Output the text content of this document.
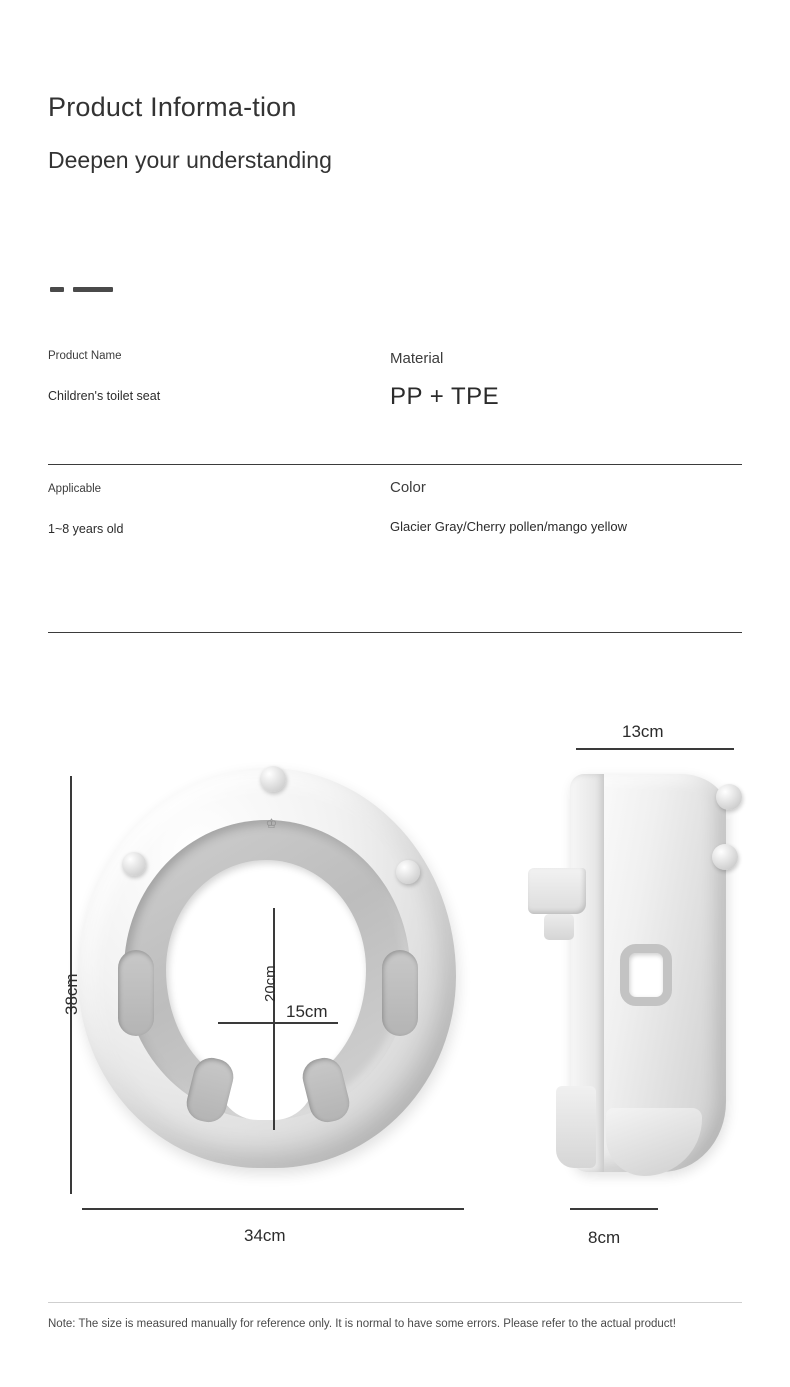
Product Informa-tion
Deepen your understanding
Product Name
Children's toilet seat
Material
PP + TPE
Applicable
1~8 years old
Color
Glacier Gray/Cherry pollen/mango yellow
♔
38cm
34cm
20cm
15cm
13cm
8cm
Note: The size is measured manually for reference only. It is normal to have some errors. Please refer to the actual product!
